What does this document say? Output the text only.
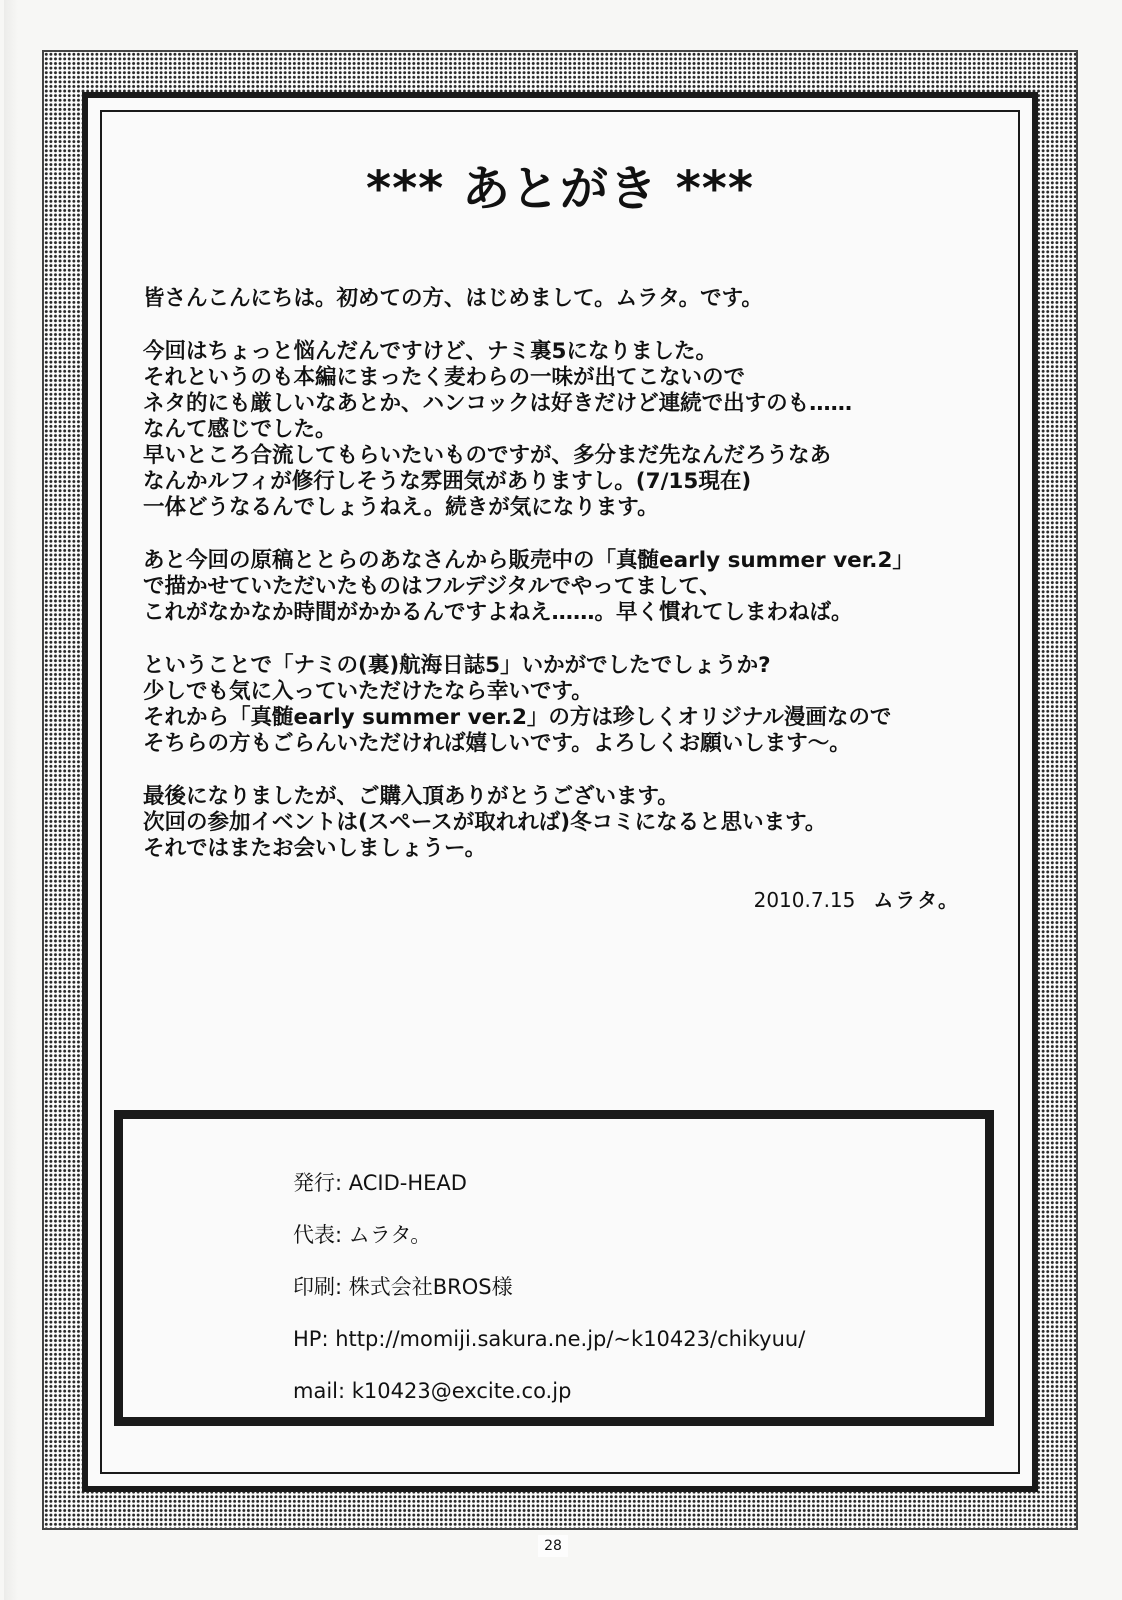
*** あとがき ***
皆さんこんにちは。初めての方、はじめまして。ムラタ。です。
今回はちょっと悩んだんですけど、ナミ裏5になりました。
それというのも本編にまったく麦わらの一味が出てこないので
ネタ的にも厳しいなあとか、ハンコックは好きだけど連続で出すのも……
なんて感じでした。
早いところ合流してもらいたいものですが、多分まだ先なんだろうなあ
なんかルフィが修行しそうな雰囲気がありますし。(7/15現在)
一体どうなるんでしょうねえ。続きが気になります。
あと今回の原稿ととらのあなさんから販売中の「真髄early summer ver.2」
で描かせていただいたものはフルデジタルでやってまして、
これがなかなか時間がかかるんですよねえ……。早く慣れてしまわねば。
ということで「ナミの(裏)航海日誌5」いかがでしたでしょうか?
少しでも気に入っていただけたなら幸いです。
それから「真髄early summer ver.2」の方は珍しくオリジナル漫画なので
そちらの方もごらんいただければ嬉しいです。よろしくお願いします～。
最後になりましたが、ご購入頂ありがとうございます。
次回の参加イベントは(スペースが取れれば)冬コミになると思います。
それではまたお会いしましょうー。
2010.7.15 ムラタ。
発行: ACID-HEAD
代表: ムラタ。
印刷: 株式会社BROS様
HP: http://momiji.sakura.ne.jp/~k10423/chikyuu/
mail: k10423@excite.co.jp
28
